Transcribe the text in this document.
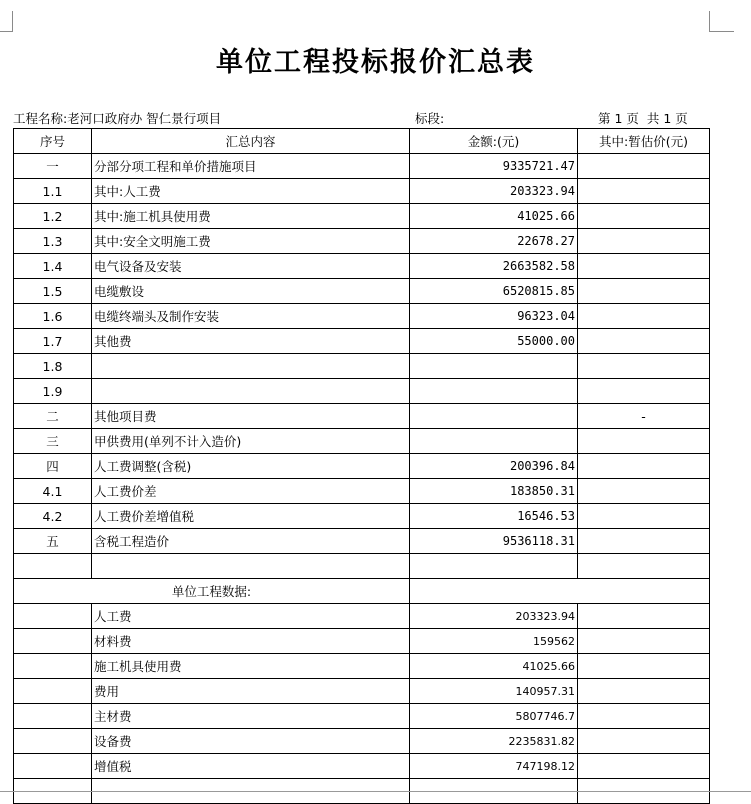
单位工程投标报价汇总表
工程名称:老河口政府办 智仁景行项目	标段:	第 1 页  共 1 页
序号	汇总内容	金额:(元)	其中:暂估价(元)
一	分部分项工程和单价措施项目	9335721.47	
1.1	其中:人工费	203323.94	
1.2	其中:施工机具使用费	41025.66	
1.3	其中:安全文明施工费	22678.27	
1.4	电气设备及安装	2663582.58	
1.5	电缆敷设	6520815.85	
1.6	电缆终端头及制作安装	96323.04	
1.7	其他费	55000.00	
1.8			
1.9			
二	其他项目费		-
三	甲供费用(单列不计入造价)		
四	人工费调整(含税)	200396.84	
4.1	人工费价差	183850.31	
4.2	人工费价差增值税	16546.53	
五	含税工程造价	9536118.31	

单位工程数据:			
	人工费	203323.94	
	材料费	159562	
	施工机具使用费	41025.66	
	费用	140957.31	
	主材费	5807746.7	
	设备费	2235831.82	
	增值税	747198.12	
